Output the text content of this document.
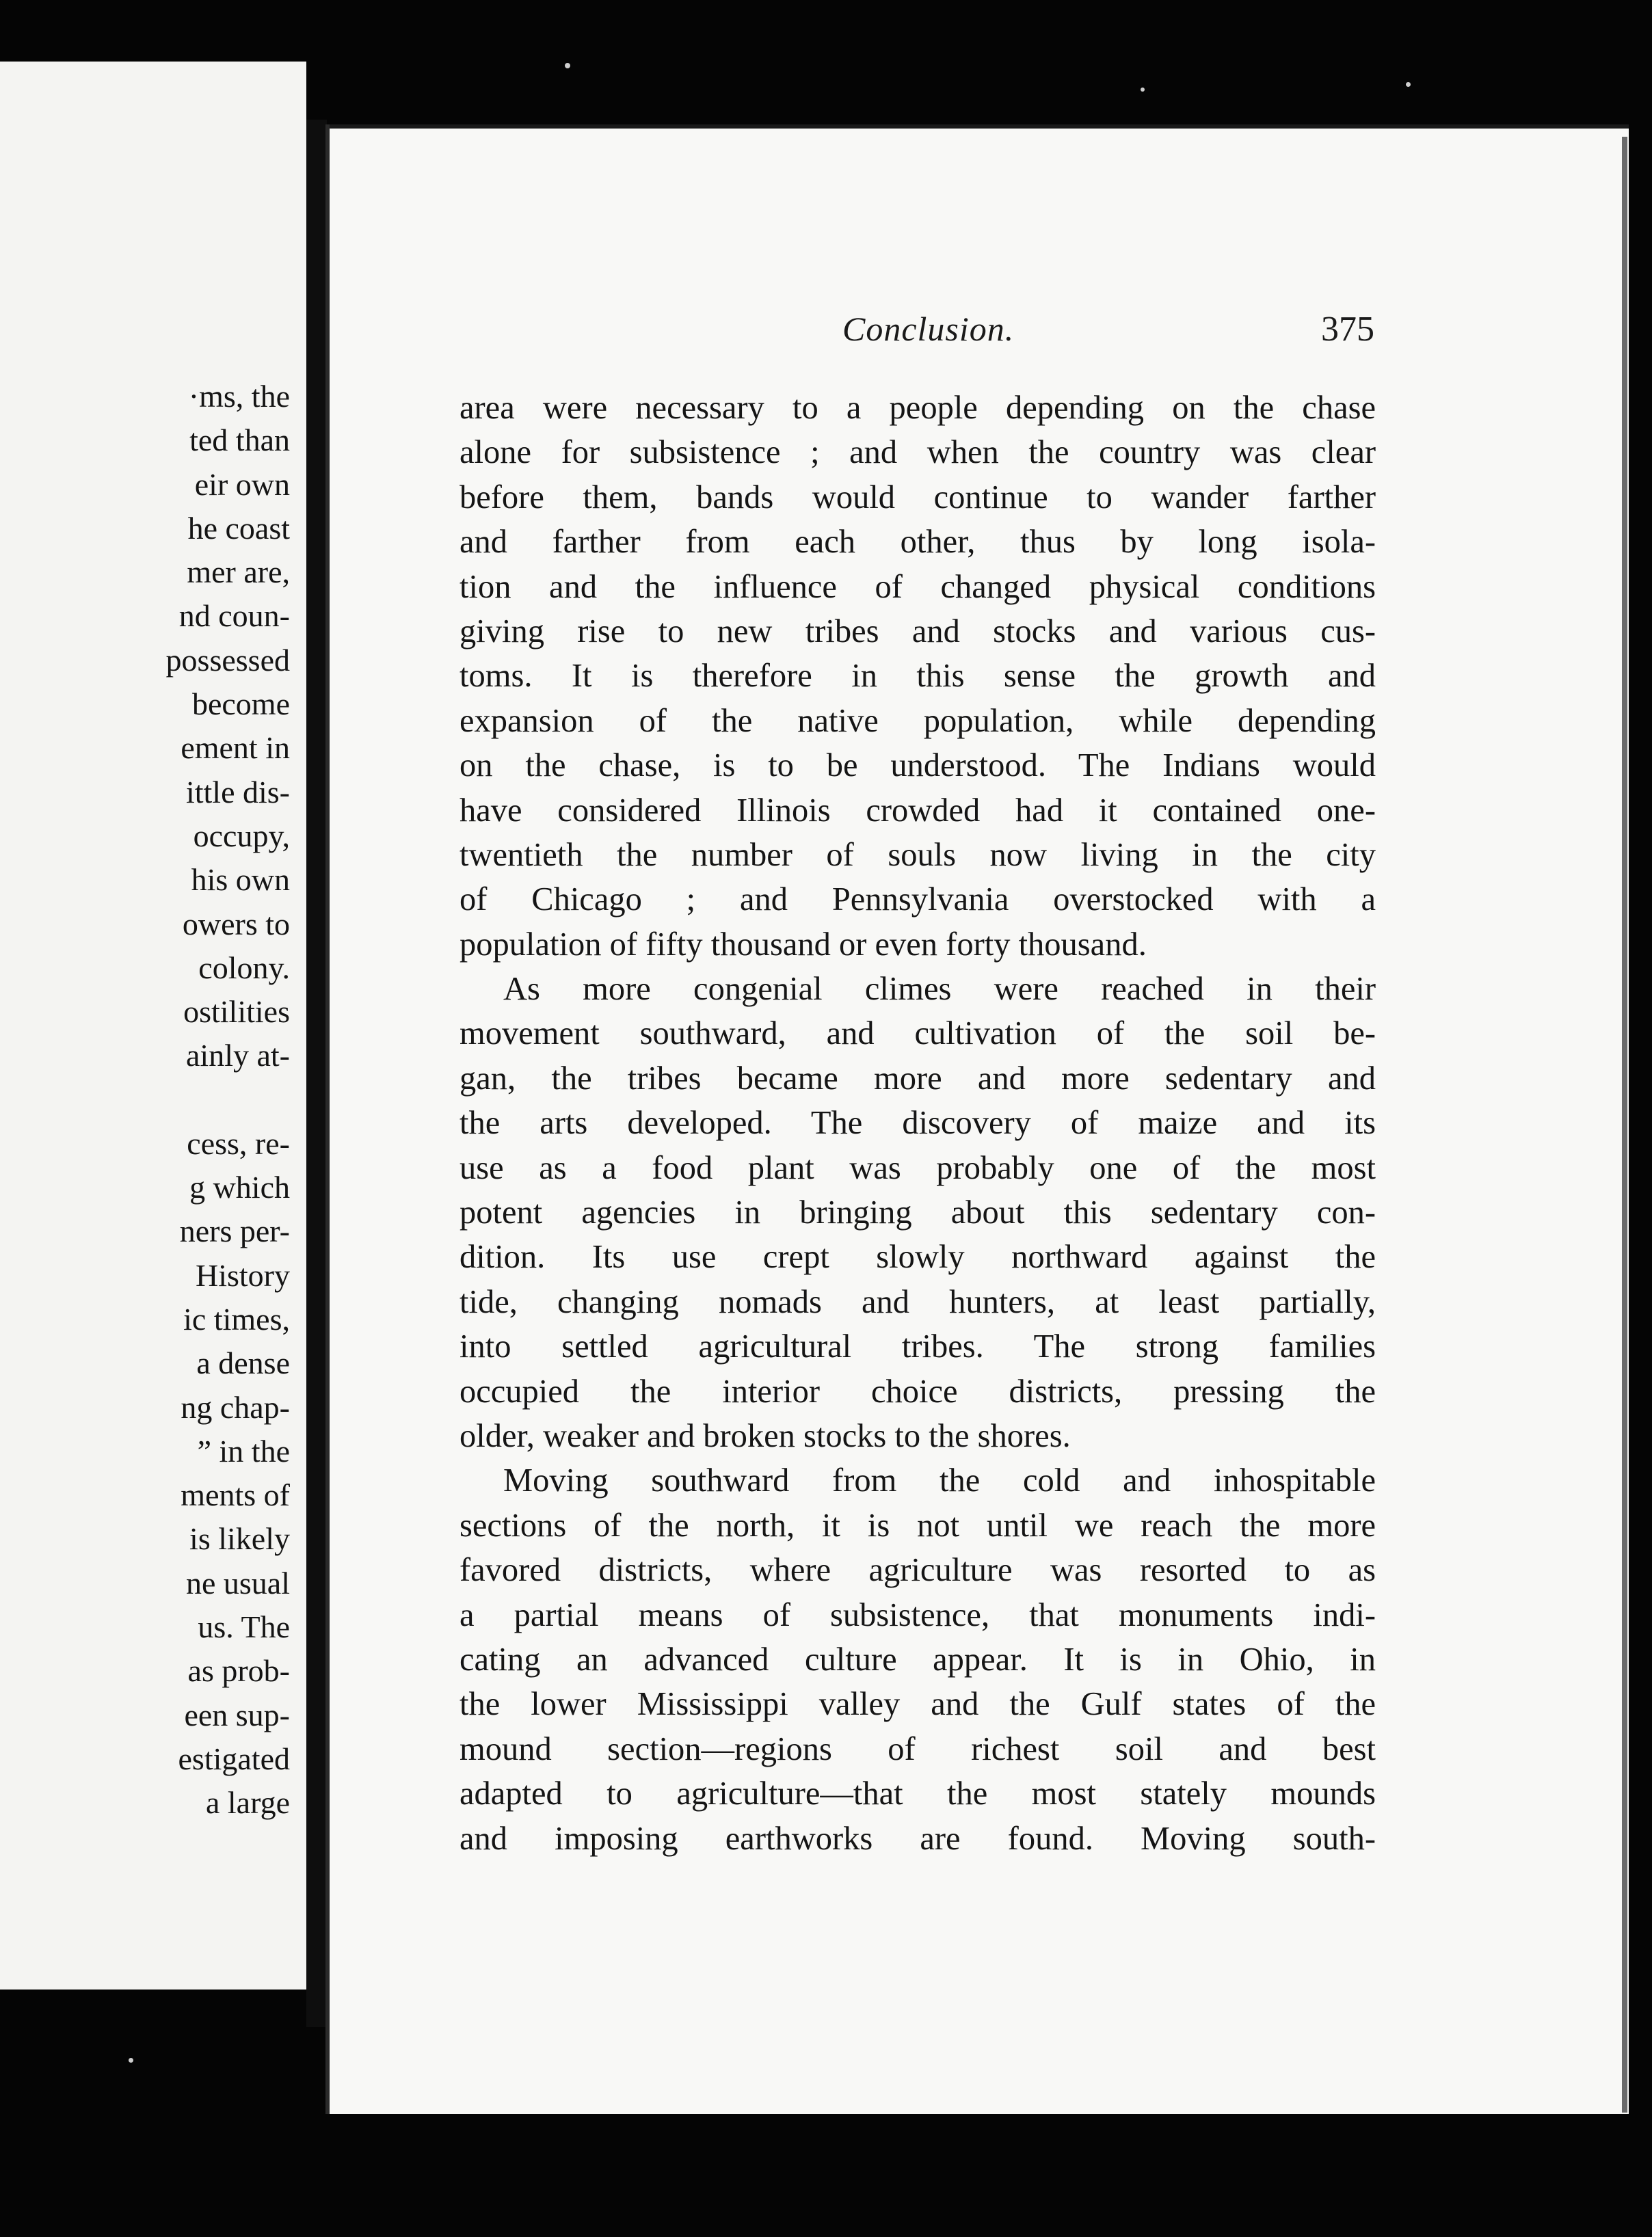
·ms, the
ted than
eir own
he coast
mer are,
nd coun-
possessed
become
ement in
ittle dis-
occupy,
his own
owers to
colony.
ostilities
ainly at-
cess, re-
g which
ners per-
History
ic times,
a dense
ng chap-
” in the
ments of
is likely
ne usual
us. The
as prob-
een sup-
estigated
a large
Conclusion.	375
area were necessary to a people depending on the chase
alone for subsistence ; and when the country was clear
before them, bands would continue to wander farther
and farther from each other, thus by long isola-
tion and the influence of changed physical conditions
giving rise to new tribes and stocks and various cus-
toms. It is therefore in this sense the growth and
expansion of the native population, while depending
on the chase, is to be understood. The Indians would
have considered Illinois crowded had it contained one-
twentieth the number of souls now living in the city
of Chicago ; and Pennsylvania overstocked with a
population of fifty thousand or even forty thousand.
As more congenial climes were reached in their
movement southward, and cultivation of the soil be-
gan, the tribes became more and more sedentary and
the arts developed. The discovery of maize and its
use as a food plant was probably one of the most
potent agencies in bringing about this sedentary con-
dition. Its use crept slowly northward against the
tide, changing nomads and hunters, at least partially,
into settled agricultural tribes. The strong families
occupied the interior choice districts, pressing the
older, weaker and broken stocks to the shores.
Moving southward from the cold and inhospitable
sections of the north, it is not until we reach the more
favored districts, where agriculture was resorted to as
a partial means of subsistence, that monuments indi-
cating an advanced culture appear. It is in Ohio, in
the lower Mississippi valley and the Gulf states of the
mound section—regions of richest soil and best
adapted to agriculture—that the most stately mounds
and imposing earthworks are found. Moving south-
